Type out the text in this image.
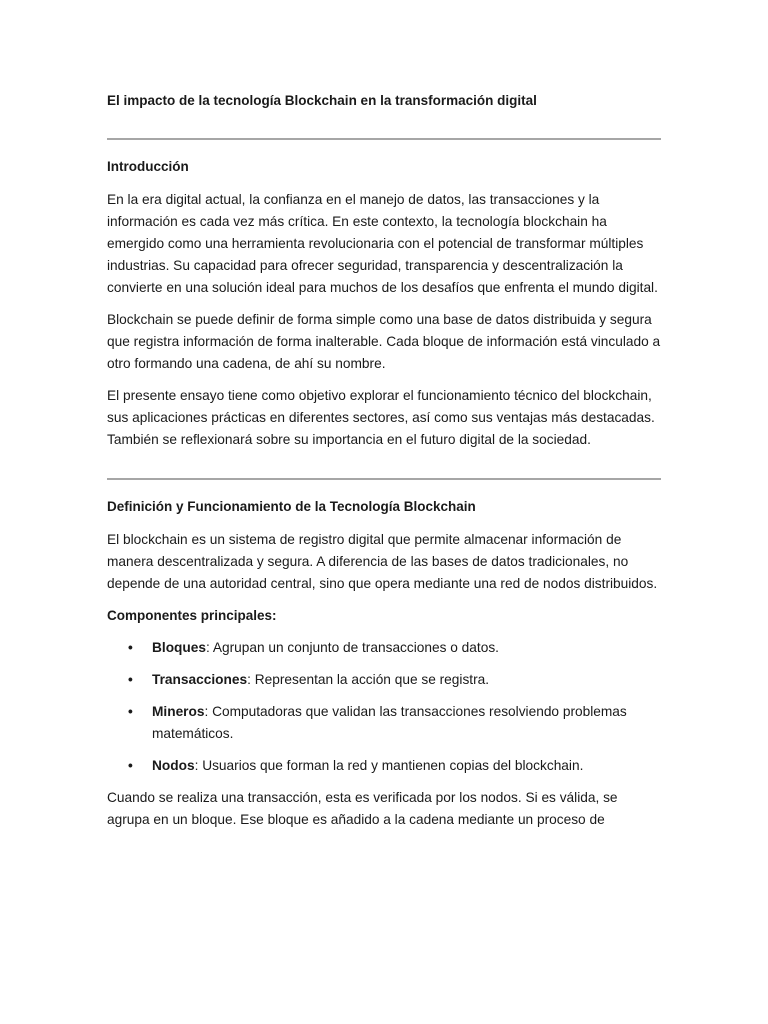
El impacto de la tecnología Blockchain en la transformación digital
Introducción

En la era digital actual, la confianza en el manejo de datos, las transacciones y la información es cada vez más crítica. En este contexto, la tecnología blockchain ha emergido como una herramienta revolucionaria con el potencial de transformar múltiples industrias. Su capacidad para ofrecer seguridad, transparencia y descentralización la convierte en una solución ideal para muchos de los desafíos que enfrenta el mundo digital.

Blockchain se puede definir de forma simple como una base de datos distribuida y segura que registra información de forma inalterable. Cada bloque de información está vinculado a otro formando una cadena, de ahí su nombre.

El presente ensayo tiene como objetivo explorar el funcionamiento técnico del blockchain, sus aplicaciones prácticas en diferentes sectores, así como sus ventajas más destacadas. También se reflexionará sobre su importancia en el futuro digital de la sociedad.

Definición y Funcionamiento de la Tecnología Blockchain

El blockchain es un sistema de registro digital que permite almacenar información de manera descentralizada y segura. A diferencia de las bases de datos tradicionales, no depende de una autoridad central, sino que opera mediante una red de nodos distribuidos.

Componentes principales:
• Bloques: Agrupan un conjunto de transacciones o datos.
• Transacciones: Representan la acción que se registra.
• Mineros: Computadoras que validan las transacciones resolviendo problemas matemáticos.
• Nodos: Usuarios que forman la red y mantienen copias del blockchain.

Cuando se realiza una transacción, esta es verificada por los nodos. Si es válida, se agrupa en un bloque. Ese bloque es añadido a la cadena mediante un proceso de
